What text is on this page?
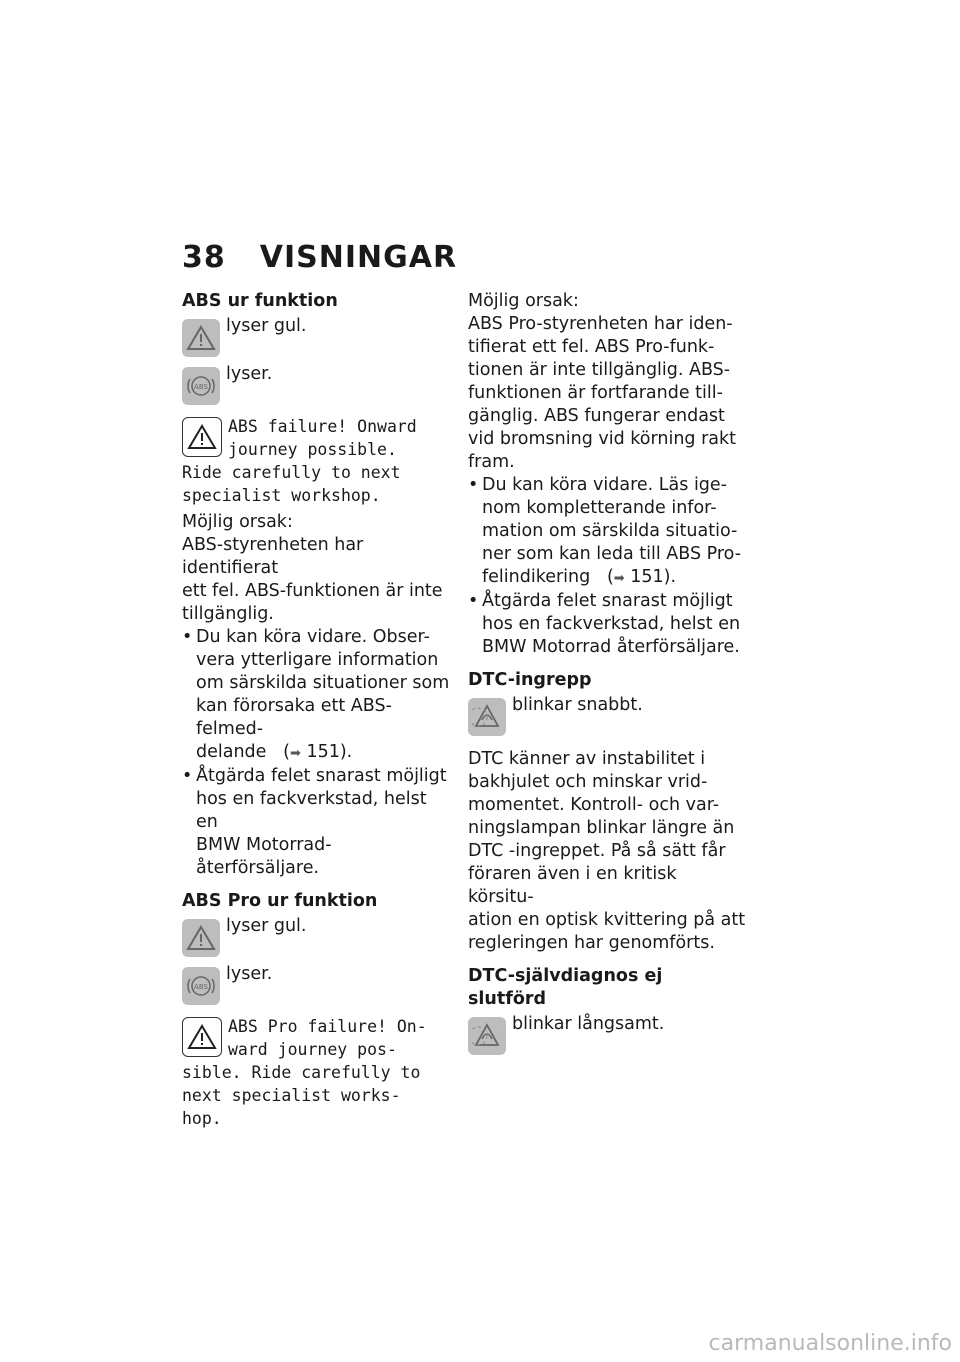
38 VISNINGAR
ABS ur funktion
lyser gul.
ABS
lyser.
ABS failure! Onward
journey possible.
Ride carefully to next
specialist workshop.
Möjlig orsak:
ABS-styrenheten har identifierat
ett fel. ABS-funktionen är inte
tillgänglig.
• Du kan köra vidare. Obser-
vera ytterligare information
om särskilda situationer som
kan förorsaka ett ABS-felmed-
delande   (➡ 151).
• Åtgärda felet snarast möjligt
hos en fackverkstad, helst en
BMW Motorrad-återförsäljare.
ABS Pro ur funktion
lyser gul.
ABS
lyser.
ABS Pro failure! On-
ward journey pos-
sible. Ride carefully to
next specialist works-
hop.
Möjlig orsak:
ABS Pro-styrenheten har iden-
tifierat ett fel. ABS Pro-funk-
tionen är inte tillgänglig. ABS-
funktionen är fortfarande till-
gänglig. ABS fungerar endast
vid bromsning vid körning rakt
fram.
• Du kan köra vidare. Läs ige-
nom kompletterande infor-
mation om särskilda situatio-
ner som kan leda till ABS Pro-
felindikering   (➡ 151).
• Åtgärda felet snarast möjligt
hos en fackverkstad, helst en
BMW Motorrad återförsäljare.
DTC-ingrepp
blinkar snabbt.
DTC känner av instabilitet i
bakhjulet och minskar vrid-
momentet. Kontroll- och var-
ningslampan blinkar längre än
DTC -ingreppet. På så sätt får
föraren även i en kritisk körsitu-
ation en optisk kvittering på att
regleringen har genomförts.
DTC-självdiagnos ej slutförd
blinkar långsamt.
carmanualsonline.info
